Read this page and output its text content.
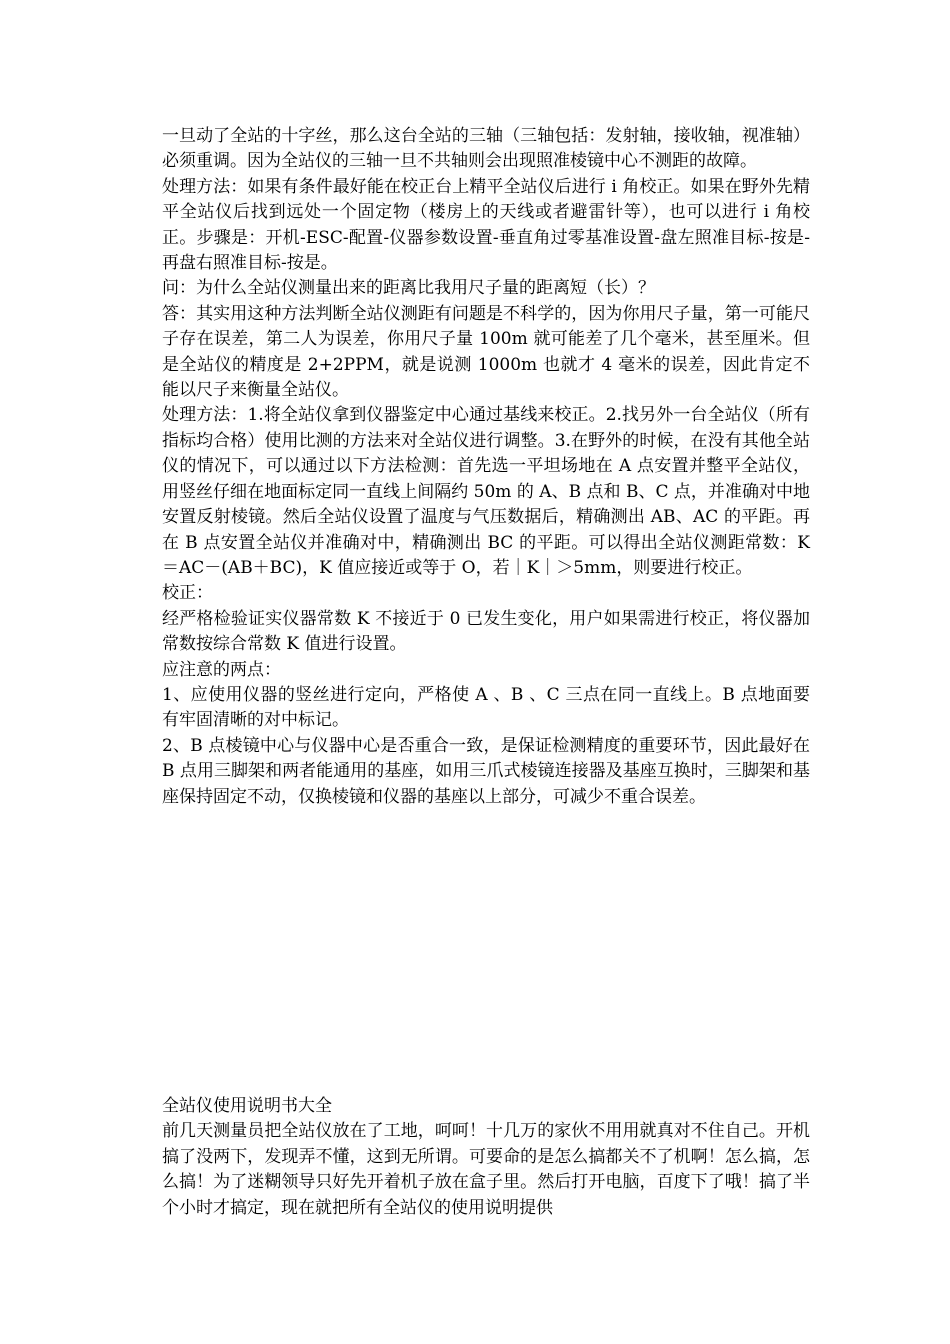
一旦动了全站的十字丝，那么这台全站的三轴（三轴包括：发射轴，接收轴，视准轴）必须重调。因为全站仪的三轴一旦不共轴则会出现照准棱镜中心不测距的故障。

处理方法：如果有条件最好能在校正台上精平全站仪后进行 i 角校正。如果在野外先精平全站仪后找到远处一个固定物（楼房上的天线或者避雷针等），也可以进行 i 角校正。步骤是：开机-ESC-配置-仪器参数设置-垂直角过零基准设置-盘左照准目标-按是-再盘右照准目标-按是。

问：为什么全站仪测量出来的距离比我用尺子量的距离短（长）？

答：其实用这种方法判断全站仪测距有问题是不科学的，因为你用尺子量，第一可能尺子存在误差，第二人为误差，你用尺子量 100m 就可能差了几个毫米，甚至厘米。但是全站仪的精度是 2+2PPM，就是说测 1000m 也就才 4 毫米的误差，因此肯定不能以尺子来衡量全站仪。

处理方法：1.将全站仪拿到仪器鉴定中心通过基线来校正。2.找另外一台全站仪（所有指标均合格）使用比测的方法来对全站仪进行调整。3.在野外的时候，在没有其他全站仪的情况下，可以通过以下方法检测：首先选一平坦场地在 A 点安置并整平全站仪，用竖丝仔细在地面标定同一直线上间隔约 50m 的 A、B 点和 B、C 点，并准确对中地安置反射棱镜。然后全站仪设置了温度与气压数据后，精确测出 AB、AC 的平距。再在 B 点安置全站仪并准确对中，精确测出 BC 的平距。可以得出全站仪测距常数：K＝AC－(AB＋BC)，K 值应接近或等于 O，若｜K｜＞5mm，则要进行校正。

校正：

经严格检验证实仪器常数 K 不接近于 0 已发生变化，用户如果需进行校正，将仪器加常数按综合常数 K 值进行设置。

应注意的两点：

1、应使用仪器的竖丝进行定向，严格使 A 、B 、C 三点在同一直线上。B 点地面要有牢固清晰的对中标记。

2、B 点棱镜中心与仪器中心是否重合一致，是保证检测精度的重要环节，因此最好在 B 点用三脚架和两者能通用的基座，如用三爪式棱镜连接器及基座互换时，三脚架和基座保持固定不动，仅换棱镜和仪器的基座以上部分，可减少不重合误差。

全站仪使用说明书大全

前几天测量员把全站仪放在了工地，呵呵！十几万的家伙不用用就真对不住自己。开机搞了没两下，发现弄不懂，这到无所谓。可要命的是怎么搞都关不了机啊！怎么搞，怎么搞！为了迷糊领导只好先开着机子放在盒子里。然后打开电脑，百度下了哦！搞了半个小时才搞定，现在就把所有全站仪的使用说明提供
